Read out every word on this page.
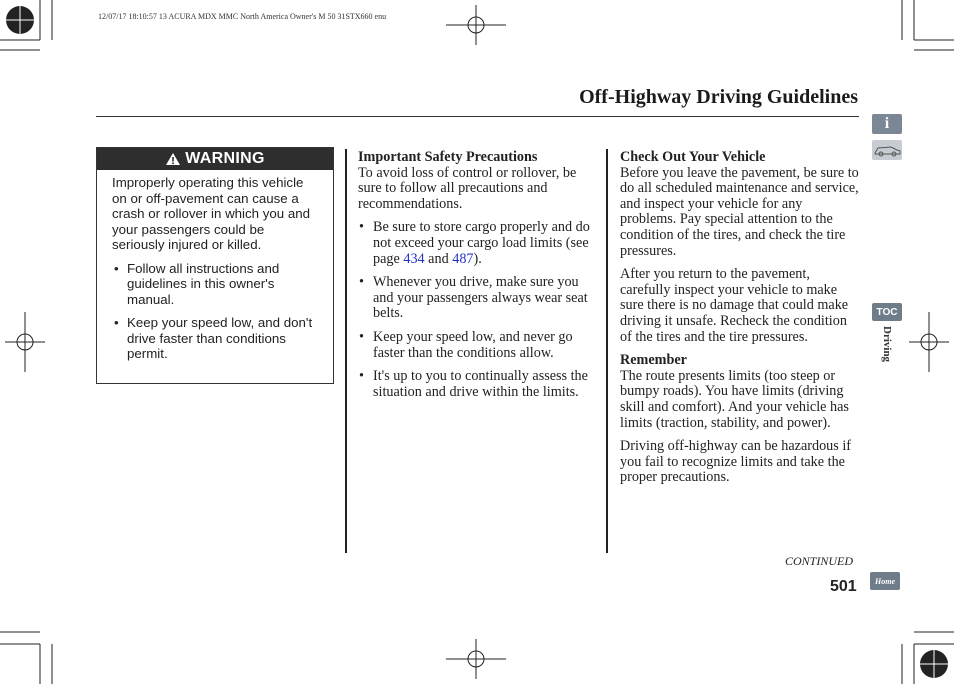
12/07/17 18:10:57 13 ACURA MDX MMC North America Owner's M 50 31STX660 enu
Off-Highway Driving Guidelines
WARNING

Improperly operating this vehicle on or off-pavement can cause a crash or rollover in which you and your passengers could be seriously injured or killed.

• Follow all instructions and guidelines in this owner's manual.
• Keep your speed low, and don't drive faster than conditions permit.
Important Safety Precautions

To avoid loss of control or rollover, be sure to follow all precautions and recommendations.

• Be sure to store cargo properly and do not exceed your cargo load limits (see page 434 and 487).
• Whenever you drive, make sure you and your passengers always wear seat belts.
• Keep your speed low, and never go faster than the conditions allow.
• It's up to you to continually assess the situation and drive within the limits.
Check Out Your Vehicle

Before you leave the pavement, be sure to do all scheduled maintenance and service, and inspect your vehicle for any problems. Pay special attention to the condition of the tires, and check the tire pressures.

After you return to the pavement, carefully inspect your vehicle to make sure there is no damage that could make driving it unsafe. Recheck the condition of the tires and the tire pressures.

Remember

The route presents limits (too steep or bumpy roads). You have limits (driving skill and comfort). And your vehicle has limits (traction, stability, and power).

Driving off-highway can be hazardous if you fail to recognize limits and take the proper precautions.

i
TOC
Driving
CONTINUED
501	Home
